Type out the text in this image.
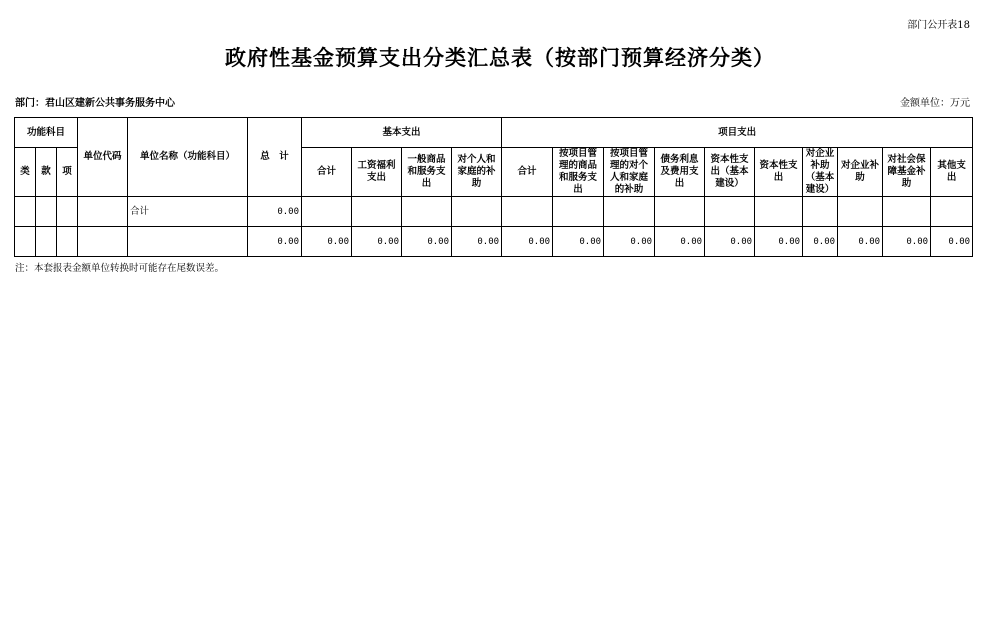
部门公开表18
政府性基金预算支出分类汇总表（按部门预算经济分类）
部门：君山区建新公共事务服务中心	金额单位：万元
功能科目			单位代码	单位名称（功能科目）	总　计	基本支出				项目支出									
类	款	项				合计	工资福利支出	一般商品和服务支出	对个人和家庭的补助	合计	按项目管理的商品和服务支出	按项目管理的对个人和家庭的补助	债务利息及费用支出	资本性支出（基本建设）	资本性支出	对企业补助（基本建设）	对企业补助	对社会保障基金补助	其他支出
				合计	0.00														
					0.00	0.00	0.00	0.00	0.00	0.00	0.00	0.00	0.00	0.00	0.00	0.00	0.00	0.00	0.00
注：本套报表金额单位转换时可能存在尾数误差。
